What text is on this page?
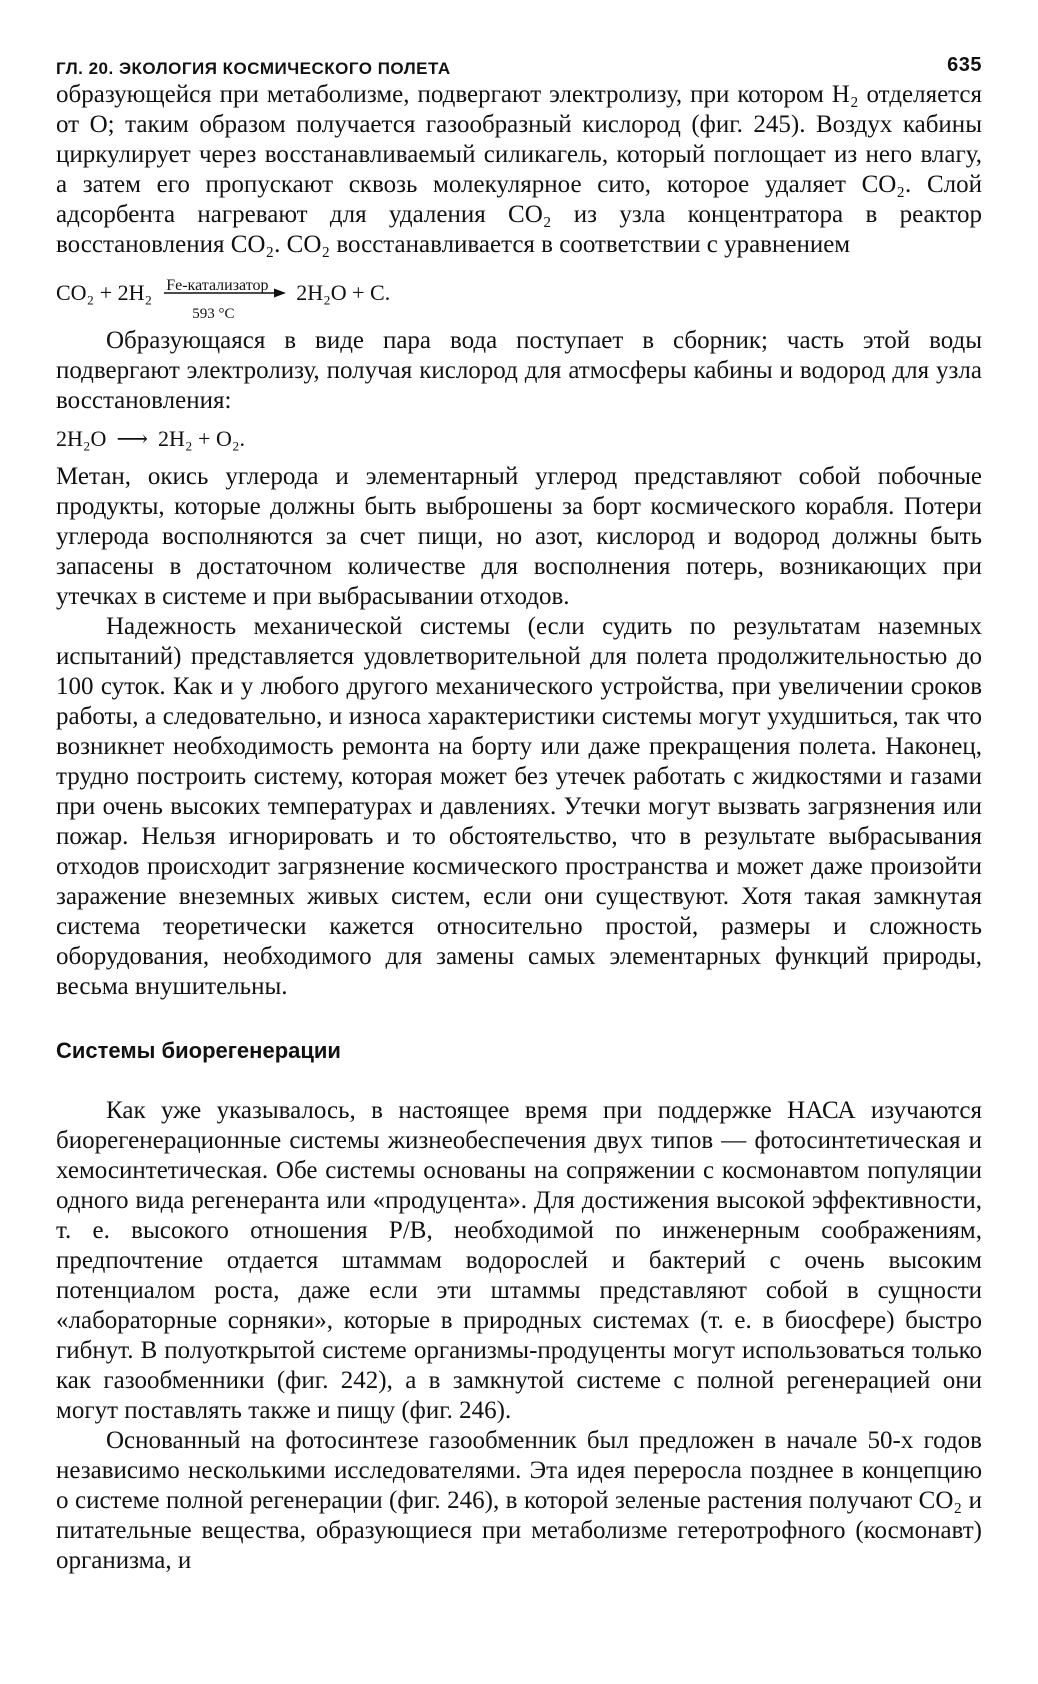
ГЛ. 20. ЭКОЛОГИЯ КОСМИЧЕСКОГО ПОЛЕТА	635

образующейся при метаболизме, подвергают электролизу, при котором H₂ отделяется от O; таким образом получается газообразный кислород (фиг. 245). Воздух кабины циркулирует через восстанавливаемый силикагель, который поглощает из него влагу, а затем его пропускают сквозь молекулярное сито, которое удаляет CO₂. Слой адсорбента нагревают для удаления CO₂ из узла концентратора в реактор восстановления CO₂. CO₂ восстанавливается в соответствии с уравнением

CO₂ + 2H₂ Fe-катализатор
593 °C
2H₂O + C.

Образующаяся в виде пара вода поступает в сборник; часть этой воды подвергают электролизу, получая кислород для атмосферы кабины и водород для узла восстановления:

2H₂O ⟶ 2H₂ + O₂.

Метан, окись углерода и элементарный углерод представляют собой побочные продукты, которые должны быть выброшены за борт космического корабля. Потери углерода восполняются за счет пищи, но азот, кислород и водород должны быть запасены в достаточном количестве для восполнения потерь, возникающих при утечках в системе и при выбрасывании отходов.

Надежность механической системы (если судить по результатам наземных испытаний) представляется удовлетворительной для полета продолжительностью до 100 суток. Как и у любого другого механического устройства, при увеличении сроков работы, а следовательно, и износа характеристики системы могут ухудшиться, так что возникнет необходимость ремонта на борту или даже прекращения полета. Наконец, трудно построить систему, которая может без утечек работать с жидкостями и газами при очень высоких температурах и давлениях. Утечки могут вызвать загрязнения или пожар. Нельзя игнорировать и то обстоятельство, что в результате выбрасывания отходов происходит загрязнение космического пространства и может даже произойти заражение внеземных живых систем, если они существуют. Хотя такая замкнутая система теоретически кажется относительно простой, размеры и сложность оборудования, необходимого для замены самых элементарных функций природы, весьма внушительны.

Системы биорегенерации

Как уже указывалось, в настоящее время при поддержке НАСА изучаются биорегенерационные системы жизнеобеспечения двух типов — фотосинтетическая и хемосинтетическая. Обе системы основаны на сопряжении с космонавтом популяции одного вида регенеранта или «продуцента». Для достижения высокой эффективности, т. е. высокого отношения P/B, необходимой по инженерным соображениям, предпочтение отдается штаммам водорослей и бактерий с очень высоким потенциалом роста, даже если эти штаммы представляют собой в сущности «лабораторные сорняки», которые в природных системах (т. е. в биосфере) быстро гибнут. В полуоткрытой системе организмы-продуценты могут использоваться только как газообменники (фиг. 242), а в замкнутой системе с полной регенерацией они могут поставлять также и пищу (фиг. 246).

Основанный на фотосинтезе газообменник был предложен в начале 50-х годов независимо несколькими исследователями. Эта идея переросла позднее в концепцию о системе полной регенерации (фиг. 246), в которой зеленые растения получают CO₂ и питательные вещества, образующиеся при метаболизме гетеротрофного (космонавт) организма, и
